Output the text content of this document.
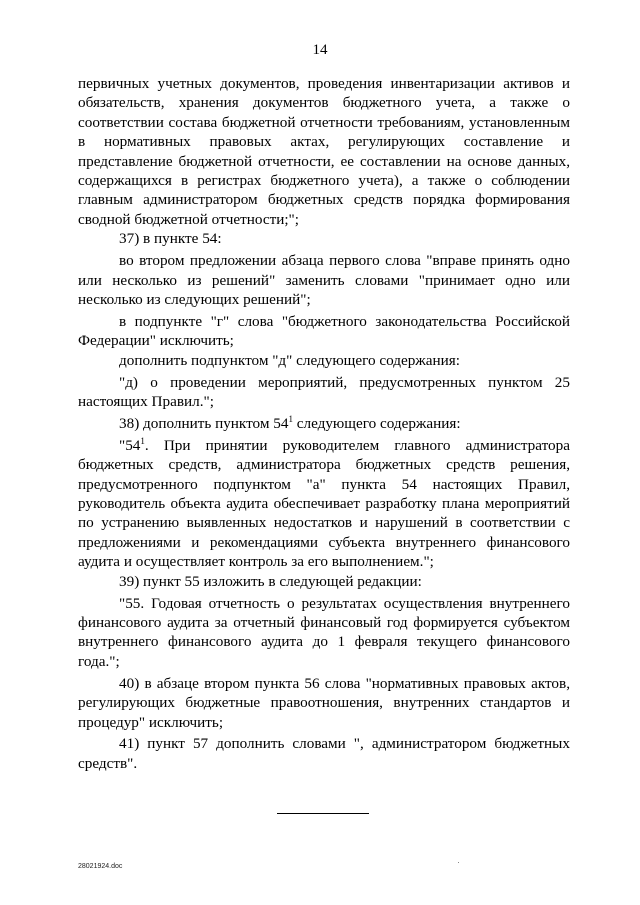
14

первичных учетных документов, проведения инвентаризации активов и обязательств, хранения документов бюджетного учета, а также о соответствии состава бюджетной отчетности требованиям, установленным в нормативных правовых актах, регулирующих составление и представление бюджетной отчетности, ее составлении на основе данных, содержащихся в регистрах бюджетного учета), а также о соблюдении главным администратором бюджетных средств порядка формирования сводной бюджетной отчетности;";

37) в пункте 54:

во втором предложении абзаца первого слова "вправе принять одно или несколько из решений" заменить словами "принимает одно или несколько из следующих решений";

в подпункте "г" слова "бюджетного законодательства Российской Федерации" исключить;

дополнить подпунктом "д" следующего содержания:

"д) о проведении мероприятий, предусмотренных пунктом 25 настоящих Правил.";

38) дополнить пунктом $54^1$ следующего содержания:

"$54^1$. При принятии руководителем главного администратора бюджетных средств, администратора бюджетных средств решения, предусмотренного подпунктом "а" пункта 54 настоящих Правил, руководитель объекта аудита обеспечивает разработку плана мероприятий по устранению выявленных недостатков и нарушений в соответствии с предложениями и рекомендациями субъекта внутреннего финансового аудита и осуществляет контроль за его выполнением.";

39) пункт 55 изложить в следующей редакции:

"55. Годовая отчетность о результатах осуществления внутреннего финансового аудита за отчетный финансовый год формируется субъектом внутреннего финансового аудита до 1 февраля текущего финансового года.";

40) в абзаце втором пункта 56 слова "нормативных правовых актов, регулирующих бюджетные правоотношения, внутренних стандартов и процедур" исключить;

41) пункт 57 дополнить словами ", администратором бюджетных средств".

28021924.doc
